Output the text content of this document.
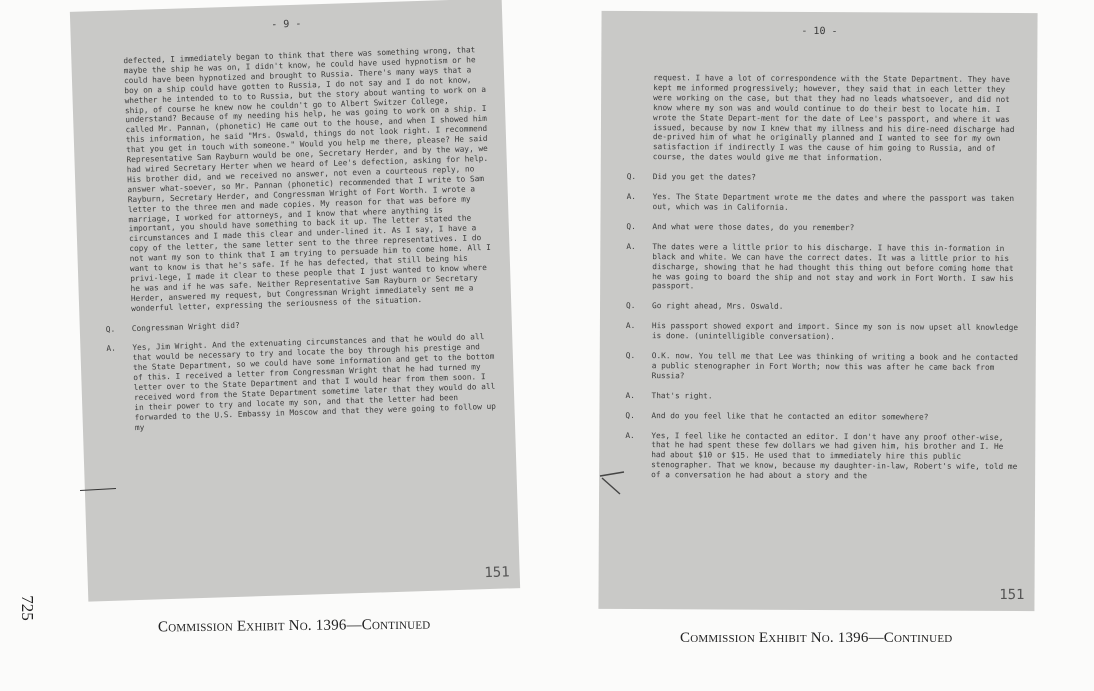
- 9 -

defected, I immediately began to think that there was something wrong, that maybe the ship he was on, I didn't know, he could have used hypnotism or he could have been hypnotized and brought to Russia. There's many ways that a boy on a ship could have gotten to Russia, I do not say and I do not know, whether he intended to to to Russia, but the story about wanting to work on a ship, of course he knew now he couldn't go to Albert Switzer College, understand? Because of my needing his help, he was going to work on a ship. I called Mr. Pannan, (phonetic) He came out to the house, and when I showed him this information, he said "Mrs. Oswald, things do not look right. I recommend that you get in touch with someone." Would you help me there, please? He said Representative Sam Rayburn would be one, Secretary Herder, and by the way, we had wired Secretary Herter when we heard of Lee's defection, asking for help. His brother did, and we received no answer, not even a courteous reply, no answer what-soever, so Mr. Pannan (phonetic) recommended that I write to Sam Rayburn, Secretary Herder, and Congressman Wright of Fort Worth. I wrote a letter to the three men and made copies. My reason for that was before my marriage, I worked for attorneys, and I know that where anything is important, you should have something to back it up. The letter stated the circumstances and I made this clear and under-lined it. As I say, I have a copy of the letter, the same letter sent to the three representatives. I do not want my son to think that I am trying to persuade him to come home. All I want to know is that he's safe. If he has defected, that still being his privi-lege, I made it clear to these people that I just wanted to know where he was and if he was safe. Neither Representative Sam Rayburn or Secretary Herder, answered my request, but Congressman Wright immediately sent me a wonderful letter, expressing the seriousness of the situation.

Q.	Congressman Wright did?
A.	Yes, Jim Wright. And the extenuating circumstances and that he would do all that would be necessary to try and locate the boy through his prestige and the State Department, so we could have some information and get to the bottom of this. I received a letter from Congressman Wright that he had turned my letter over to the State Department and that I would hear from them soon. I received word from the State Department sometime later that they would do all in their power to try and locate my son, and that the letter had been forwarded to the U.S. Embassy in Moscow and that they were going to follow up my
151
- 10 -

request. I have a lot of correspondence with the State Department. They have kept me informed progressively; however, they said that in each letter they were working on the case, but that they had no leads whatsoever, and did not know where my son was and would continue to do their best to locate him. I wrote the State Depart-ment for the date of Lee's passport, and where it was issued, because by now I knew that my illness and his dire-need discharge had de-prived him of what he originally planned and I wanted to see for my own satisfaction if indirectly I was the cause of him going to Russia, and of course, the dates would give me that information.

Q.	Did you get the dates?
A.	Yes. The State Department wrote me the dates and where the passport was taken out, which was in California.
Q.	And what were those dates, do you remember?
A.	The dates were a little prior to his discharge. I have this in-formation in black and white. We can have the correct dates. It was a little prior to his discharge, showing that he had thought this thing out before coming home that he was going to board the ship and not stay and work in Fort Worth. I saw his passport.
Q.	Go right ahead, Mrs. Oswald.
A.	His passport showed export and import. Since my son is now upset all knowledge is done. (unintelligible conversation).
Q.	O.K. now. You tell me that Lee was thinking of writing a book and he contacted a public stenographer in Fort Worth; now this was after he came back from Russia?
A.	That's right.
Q.	And do you feel like that he contacted an editor somewhere?
A.	Yes, I feel like he contacted an editor. I don't have any proof other-wise, that he had spent these few dollars we had given him, his brother and I. He had about $10 or $15. He used that to immediately hire this public stenographer. That we know, because my daughter-in-law, Robert's wife, told me of a conversation he had about a story and the
151
Commission Exhibit No. 1396—Continued
Commission Exhibit No. 1396—Continued
725
